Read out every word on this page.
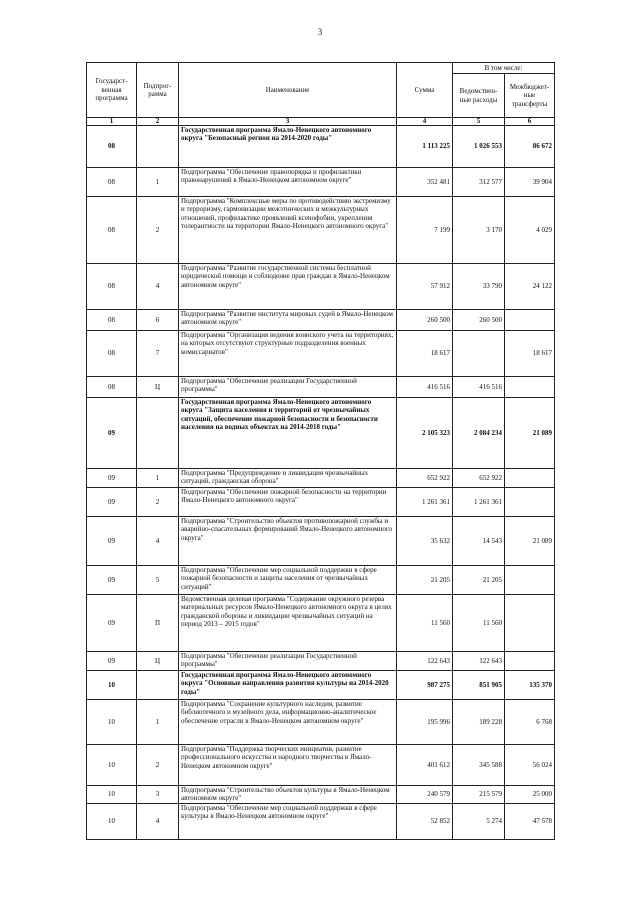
3
Государст-венная программа	Подпрог-рамма	Наименование	Сумма	В том числе:	
				Ведомствен-ные расходы	Межбюджет-ные трансферты
1	2	3	4	5	6
08		Государственная программа Ямало-Ненецкого автономного округа "Безопасный регион на 2014-2020 годы"	1 113 225	1 026 553	86 672
08	1	Подпрограмма "Обеспечение правопорядка и профилактики правонарушений в Ямало-Ненецком автономном округе"	352 481	312 577	39 904
08	2	Подпрограмма "Комплексные меры по противодействию экстремизму и терроризму, гармонизации межэтнических и межкультурных отношений, профилактике проявлений ксенофобии, укрепления толерантности на территории Ямало-Ненецкого автономного округа"	7 199	3 170	4 029
08	4	Подпрограмма "Развитие государственной системы бесплатной юридической помощи и соблюдение прав граждан в Ямало-Ненецком автономном округе"	57 912	33 790	24 122
08	6	Подпрограмма "Развитие института мировых судей в Ямало-Ненецком автономном округе"	260 500	260 500	
08	7	Подпрограмма "Организация ведения воинского учета на территориях, на которых отсутствуют структурные подразделения военных комиссариатов"	18 617		18 617
08	Ц	Подпрограмма "Обеспечение реализации Государственной программы"	416 516	416 516	
09		Государственная программа Ямало-Ненецкого автономного округа "Защита населения и территорий от чрезвычайных ситуаций, обеспечение пожарной безопасности и безопасности населения на водных объектах на 2014-2018 годы"	2 105 323	2 084 234	21 089
09	1	Подпрограмма "Предупреждение и ликвидация чрезвычайных ситуаций, гражданская оборона"	652 922	652 922	
09	2	Подпрограмма "Обеспечение пожарной безопасности на территории Ямало-Ненецкого автономного округа"	1 261 361	1 261 361	
09	4	Подпрограмма "Строительство объектов противопожарной службы и аварийно-спасательных формирований Ямало-Ненецкого автономного округа"	35 632	14 543	21 089
09	5	Подпрограмма "Обеспечение мер социальной поддержки в сфере пожарной безопасности и защиты населения от чрезвычайных ситуаций"	21 205	21 205	
09	П	Ведомственная целевая программа "Содержание окружного резерва материальных ресурсов Ямало-Ненецкого автономного округа в целях гражданской обороны и ликвидации чрезвычайных ситуаций на период 2013 – 2015 годов"	11 560	11 560	
09	Ц	Подпрограмма "Обеспечение реализации Государственной программы"	122 643	122 643	
10		Государственная программа Ямало-Ненецкого автономного округа "Основные направления развития культуры на 2014-2020 годы"	987 275	851 905	135 370
10	1	Подпрограмма "Сохранение культурного наследия, развитие библиотечного и музейного дела, информационно-аналитическое обеспечение отрасли в Ямало-Ненецком автономном округе"	195 996	189 228	6 768
10	2	Подпрограмма "Поддержка творческих инициатив, развитие профессионального искусства и народного творчества в Ямало-Ненецком автономном округе"	401 612	345 588	56 024
10	3	Подпрограмма "Строительство объектов культуры в Ямало-Ненецком автономном округе"	240 579	215 579	25 000
10	4	Подпрограмма "Обеспечение мер социальной поддержки в сфере культуры в Ямало-Ненецком автономном округе"	52 852	5 274	47 578
